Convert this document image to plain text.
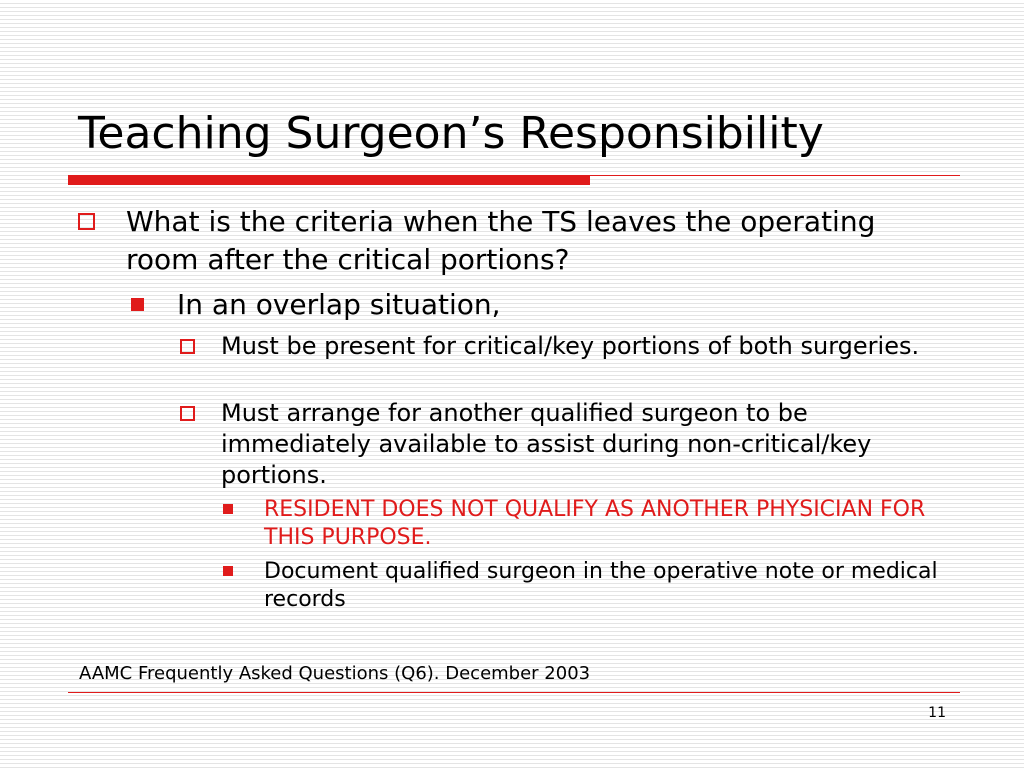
Teaching Surgeon’s Responsibility
What is the criteria when the TS leaves the operating room after the critical portions?
In an overlap situation,
Must be present for critical/key portions of both surgeries.
Must arrange for another qualified surgeon to be immediately available to assist during non-critical/key portions.
RESIDENT DOES NOT QUALIFY AS ANOTHER PHYSICIAN FOR THIS PURPOSE.
Document qualified surgeon in the operative note or medical records
AAMC Frequently Asked Questions (Q6). December 2003
11
